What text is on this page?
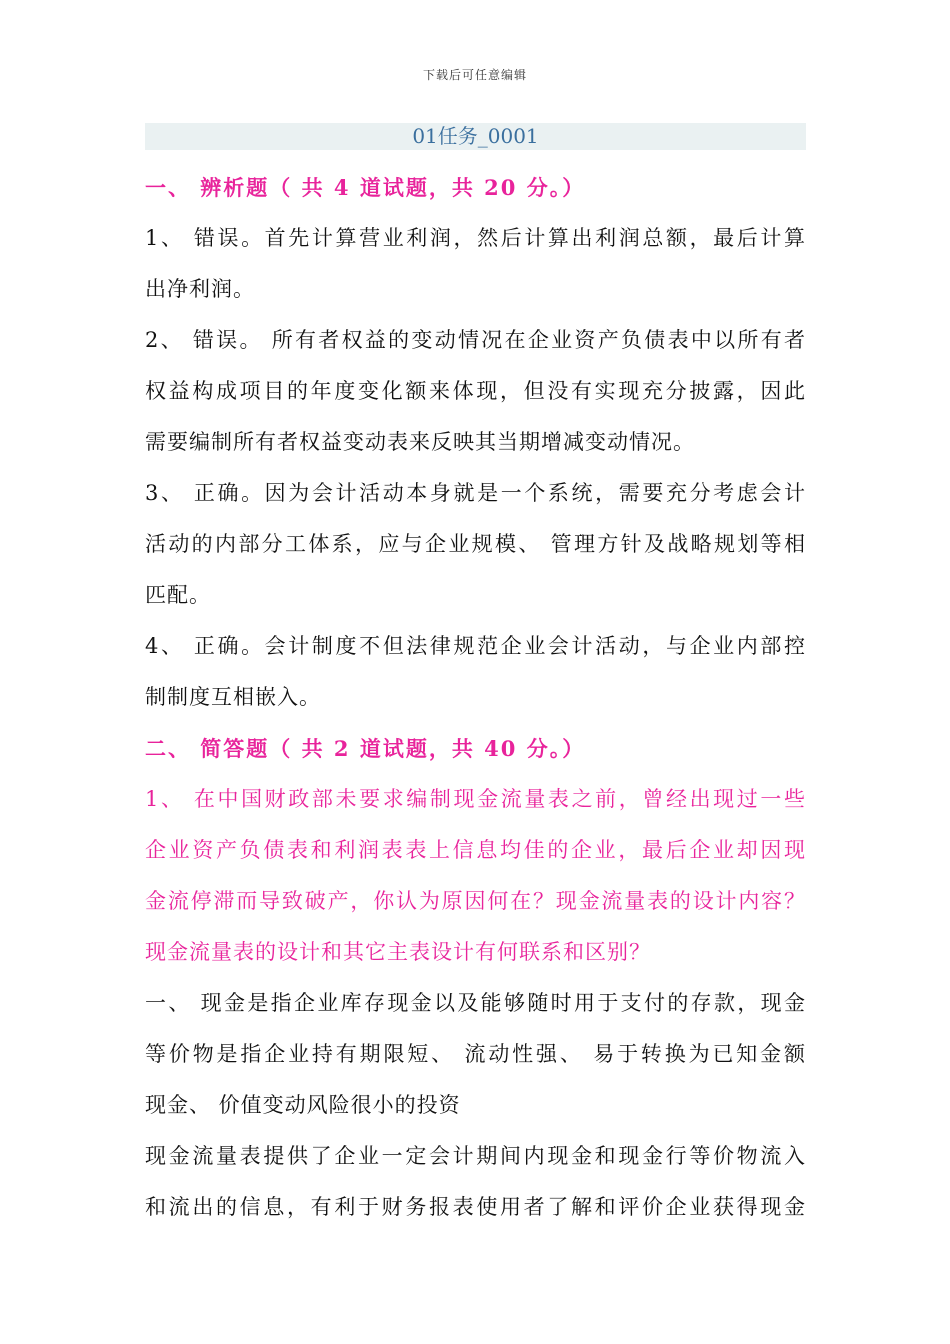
下载后可任意编辑
01任务_0001
一、 辨析题（ 共 4 道试题，共 20 分。）
1、 错误。首先计算营业利润，然后计算出利润总额，最后计算
出净利润。
2、 错误。 所有者权益的变动情况在企业资产负债表中以所有者
权益构成项目的年度变化额来体现，但没有实现充分披露，因此
需要编制所有者权益变动表来反映其当期增减变动情况。
3、 正确。因为会计活动本身就是一个系统，需要充分考虑会计
活动的内部分工体系，应与企业规模、 管理方针及战略规划等相
匹配。
4、 正确。会计制度不但法律规范企业会计活动，与企业内部控
制制度互相嵌入。
二、 简答题（ 共 2 道试题，共 40 分。）
1、 在中国财政部未要求编制现金流量表之前，曾经出现过一些
企业资产负债表和利润表表上信息均佳的企业，最后企业却因现
金流停滞而导致破产，你认为原因何在？现金流量表的设计内容？
现金流量表的设计和其它主表设计有何联系和区别？
一、 现金是指企业库存现金以及能够随时用于支付的存款，现金
等价物是指企业持有期限短、 流动性强、 易于转换为已知金额
现金、 价值变动风险很小的投资
现金流量表提供了企业一定会计期间内现金和现金行等价物流入
和流出的信息，有利于财务报表使用者了解和评价企业获得现金
